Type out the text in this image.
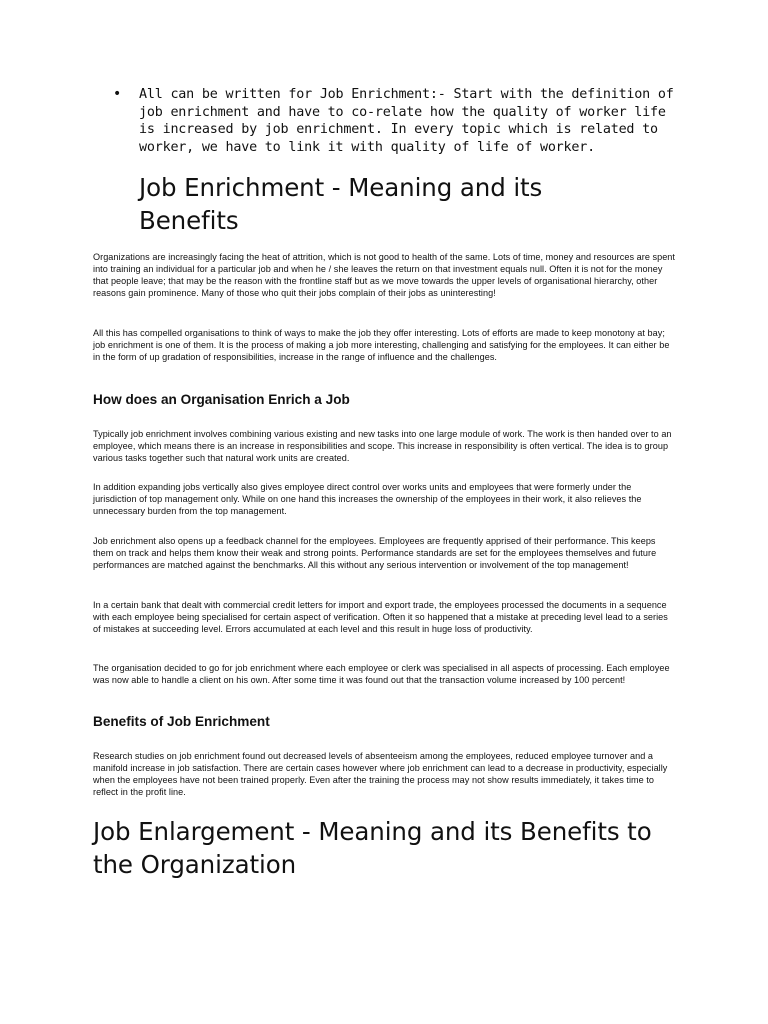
• All can be written for Job Enrichment:- Start with the definition of job enrichment and have to co-relate how the quality of worker life is increased by job enrichment. In every topic which is related to worker, we have to link it with quality of life of worker.
Job Enrichment - Meaning and its Benefits

Organizations are increasingly facing the heat of attrition, which is not good to health of the same. Lots of time, money and resources are spent into training an individual for a particular job and when he / she leaves the return on that investment equals null. Often it is not for the money that people leave; that may be the reason with the frontline staff but as we move towards the upper levels of organisational hierarchy, other reasons gain prominence. Many of those who quit their jobs complain of their jobs as uninteresting!

All this has compelled organisations to think of ways to make the job they offer interesting. Lots of efforts are made to keep monotony at bay; job enrichment is one of them. It is the process of making a job more interesting, challenging and satisfying for the employees. It can either be in the form of up gradation of responsibilities, increase in the range of influence and the challenges.

How does an Organisation Enrich a Job

Typically job enrichment involves combining various existing and new tasks into one large module of work. The work is then handed over to an employee, which means there is an increase in responsibilities and scope. This increase in responsibility is often vertical. The idea is to group various tasks together such that natural work units are created.

In addition expanding jobs vertically also gives employee direct control over works units and employees that were formerly under the jurisdiction of top management only. While on one hand this increases the ownership of the employees in their work, it also relieves the unnecessary burden from the top management.

Job enrichment also opens up a feedback channel for the employees. Employees are frequently apprised of their performance. This keeps them on track and helps them know their weak and strong points. Performance standards are set for the employees themselves and future performances are matched against the benchmarks. All this without any serious intervention or involvement of the top management!

In a certain bank that dealt with commercial credit letters for import and export trade, the employees processed the documents in a sequence with each employee being specialised for certain aspect of verification. Often it so happened that a mistake at preceding level lead to a series of mistakes at succeeding level. Errors accumulated at each level and this result in huge loss of productivity.

The organisation decided to go for job enrichment where each employee or clerk was specialised in all aspects of processing. Each employee was now able to handle a client on his own. After some time it was found out that the transaction volume increased by 100 percent!

Benefits of Job Enrichment

Research studies on job enrichment found out decreased levels of absenteeism among the employees, reduced employee turnover and a manifold increase in job satisfaction. There are certain cases however where job enrichment can lead to a decrease in productivity, especially when the employees have not been trained properly. Even after the training the process may not show results immediately, it takes time to reflect in the profit line.

Job Enlargement - Meaning and its Benefits to the Organization
